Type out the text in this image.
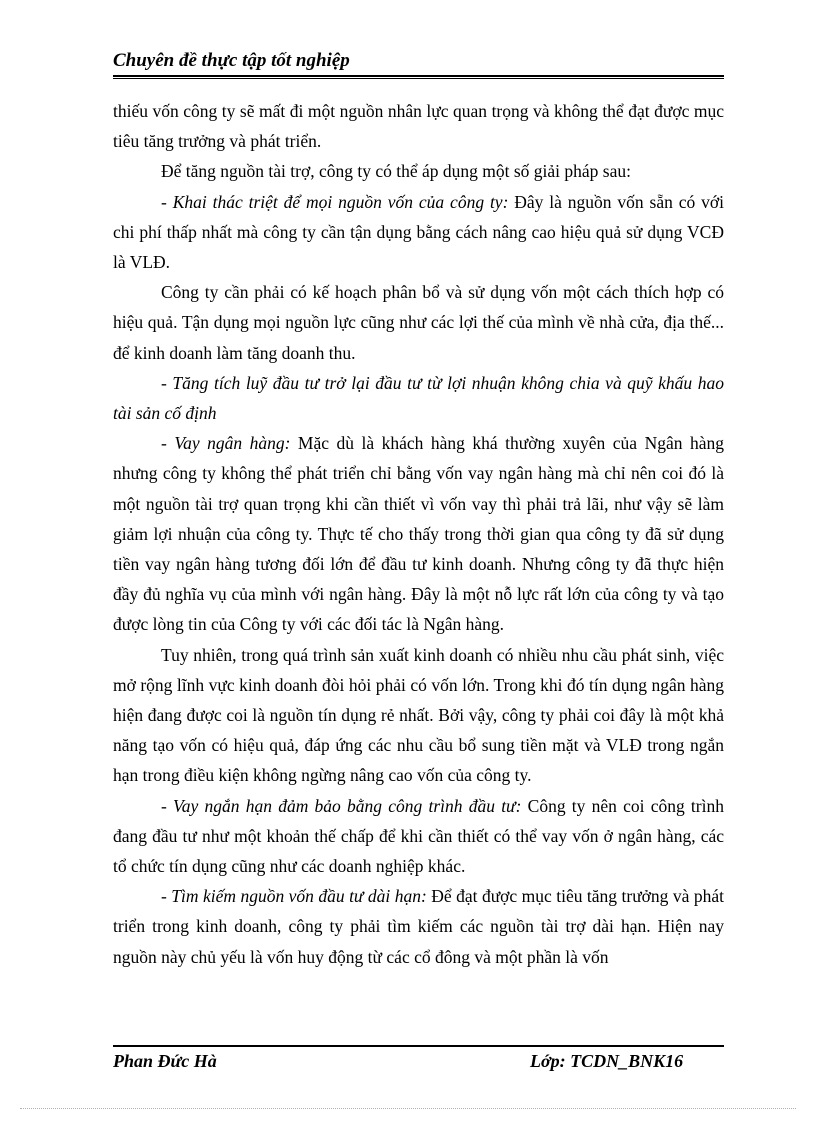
Chuyên đề thực tập tốt nghiệp

thiếu vốn công ty sẽ mất đi một nguồn nhân lực quan trọng và không thể đạt được mục tiêu tăng trưởng và phát triển.

Để tăng nguồn tài trợ, công ty có thể áp dụng một số giải pháp sau:

- Khai thác triệt để mọi nguồn vốn của công ty: Đây là nguồn vốn sẵn có với chi phí thấp nhất mà công ty cần tận dụng bằng cách nâng cao hiệu quả sử dụng VCĐ là VLĐ.

Công ty cần phải có kế hoạch phân bổ và sử dụng vốn một cách thích hợp có hiệu quả. Tận dụng mọi nguồn lực cũng như các lợi thế của mình về nhà cửa, địa thế... để kinh doanh làm tăng doanh thu.

- Tăng tích luỹ đầu tư trở lại đầu tư từ lợi nhuận không chia và quỹ khấu hao tài sản cố định

- Vay ngân hàng: Mặc dù là khách hàng khá thường xuyên của Ngân hàng nhưng công ty không thể phát triển chỉ bằng vốn vay ngân hàng mà chỉ nên coi đó là một nguồn tài trợ quan trọng khi cần thiết vì vốn vay thì phải trả lãi, như vậy sẽ làm giảm lợi nhuận của công ty. Thực tế cho thấy trong thời gian qua công ty đã sử dụng tiền vay ngân hàng tương đối lớn để đầu tư kinh doanh. Nhưng công ty đã thực hiện đầy đủ nghĩa vụ của mình với ngân hàng. Đây là một nỗ lực rất lớn của công ty và tạo được lòng tin của Công ty với các đối tác là Ngân hàng.

Tuy nhiên, trong quá trình sản xuất kinh doanh có nhiều nhu cầu phát sinh, việc mở rộng lĩnh vực kinh doanh đòi hỏi phải có vốn lớn. Trong khi đó tín dụng ngân hàng hiện đang được coi là nguồn tín dụng rẻ nhất. Bởi vậy, công ty phải coi đây là một khả năng tạo vốn có hiệu quả, đáp ứng các nhu cầu bổ sung tiền mặt và VLĐ trong ngắn hạn trong điều kiện không ngừng nâng cao vốn của công ty.

- Vay ngắn hạn đảm bảo bằng công trình đầu tư: Công ty nên coi công trình đang đầu tư như một khoản thế chấp để khi cần thiết có thể vay vốn ở ngân hàng, các tổ chức tín dụng cũng như các doanh nghiệp khác.

- Tìm kiếm nguồn vốn đầu tư dài hạn: Để đạt được mục tiêu tăng trưởng và phát triển trong kinh doanh, công ty phải tìm kiếm các nguồn tài trợ dài hạn. Hiện nay nguồn này chủ yếu là vốn huy động từ các cổ đông và một phần là vốn

Phan Đức Hà	Lớp: TCDN_BNK16
